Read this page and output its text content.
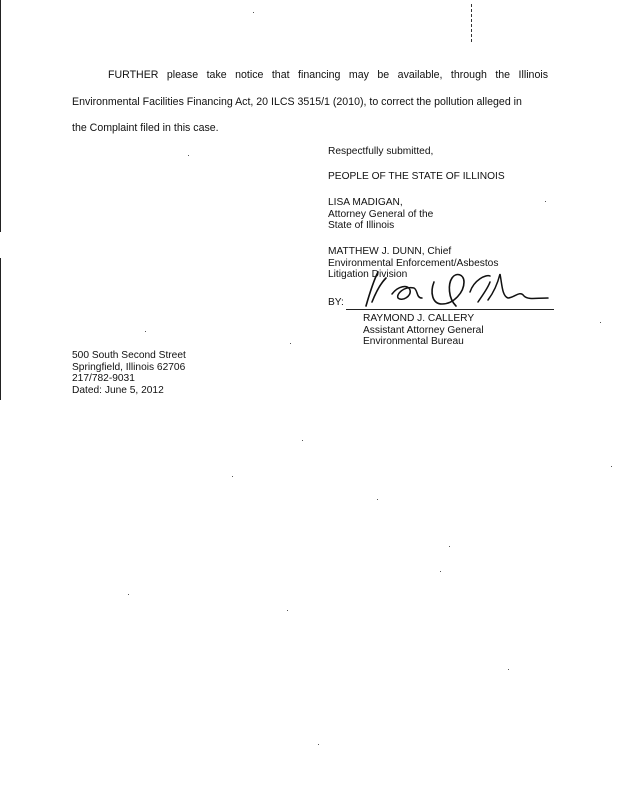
FURTHER please take notice that financing may be available, through the Illinois
Environmental Facilities Financing Act, 20 ILCS 3515/1 (2010), to correct the pollution alleged in
the Complaint filed in this case.
Respectfully submitted,
PEOPLE OF THE STATE OF ILLINOIS
LISA MADIGAN,
Attorney General of the
State of Illinois
MATTHEW J. DUNN, Chief
Environmental Enforcement/Asbestos
Litigation Division
BY:
RAYMOND J. CALLERY
Assistant Attorney General
Environmental Bureau
500 South Second Street
Springfield, Illinois 62706
217/782-9031
Dated: June 5, 2012
